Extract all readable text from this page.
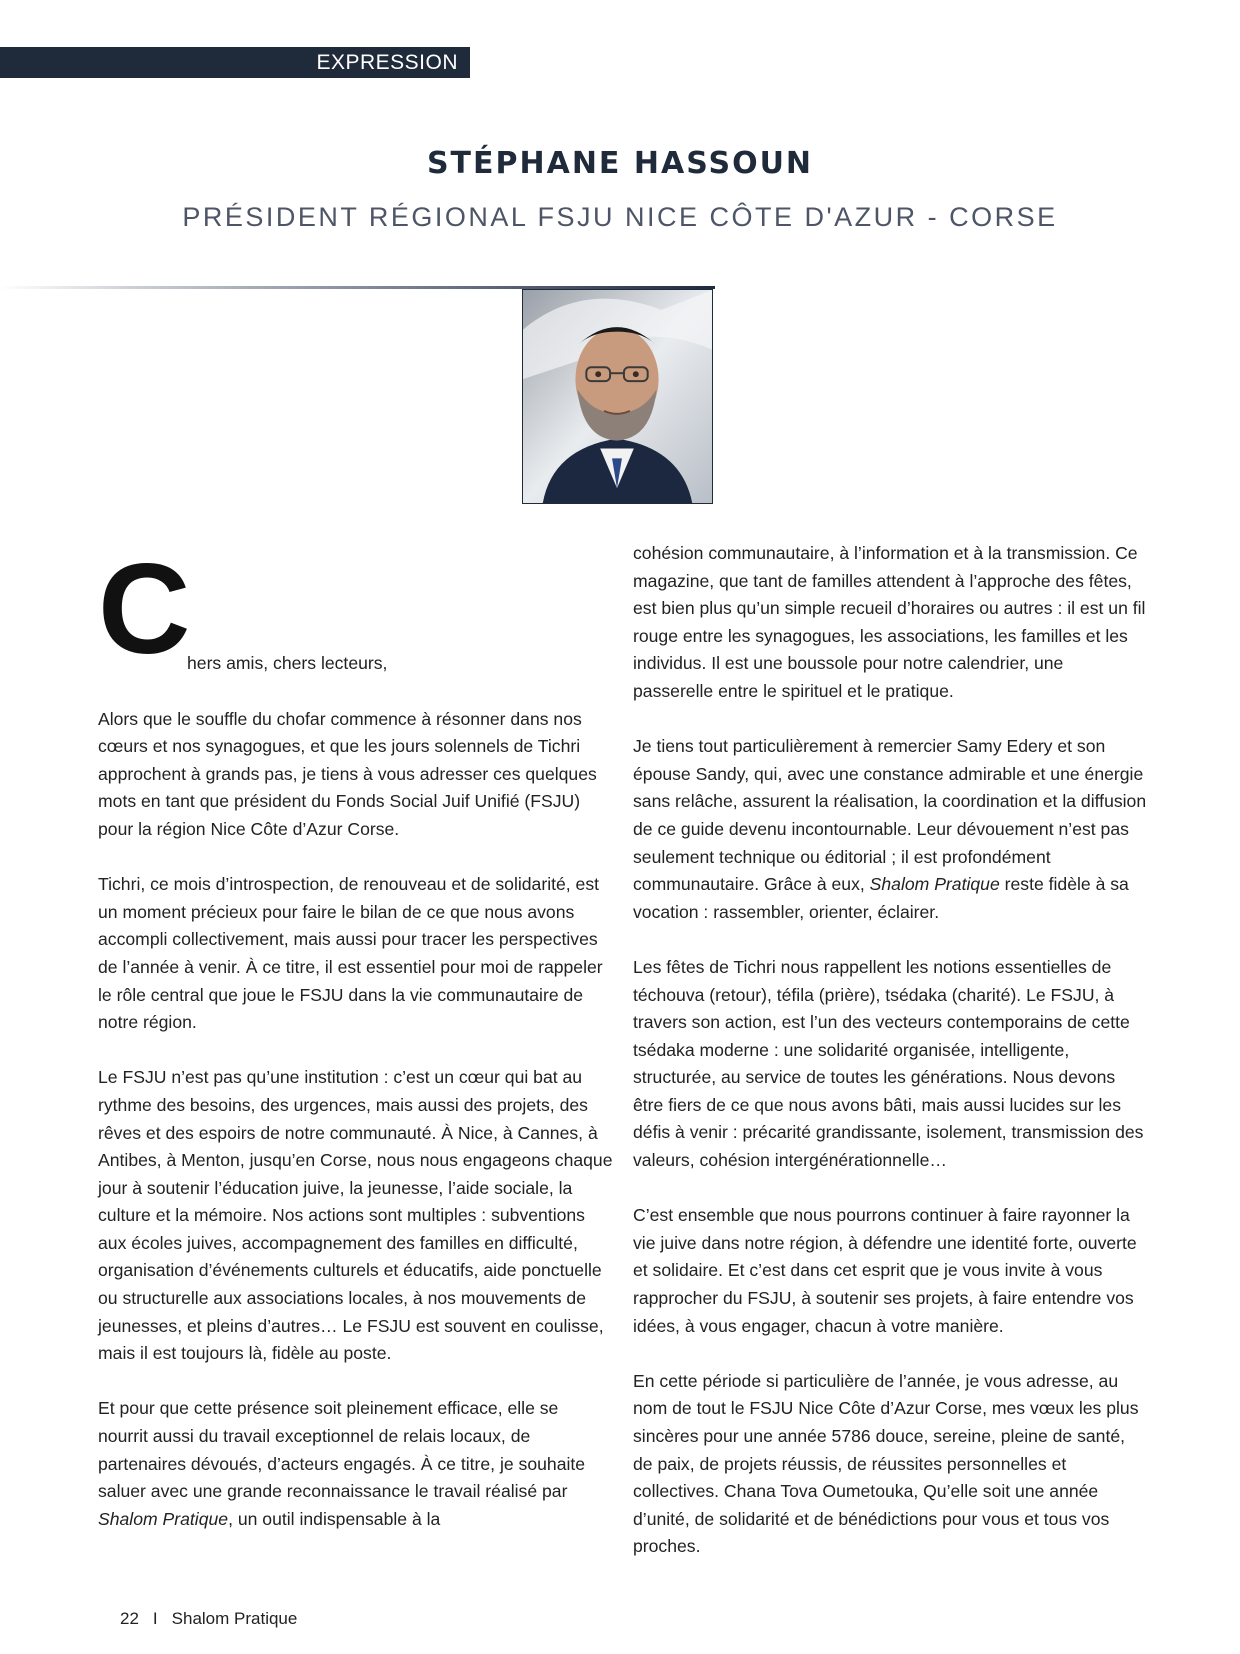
EXPRESSION
STÉPHANE HASSOUN
PRÉSIDENT RÉGIONAL FSJU NICE CÔTE D'AZUR - CORSE
C
hers amis, chers lecteurs,

Alors que le souffle du chofar commence à résonner dans nos cœurs et nos synagogues, et que les jours solennels de Tichri approchent à grands pas, je tiens à vous adresser ces quelques mots en tant que président du Fonds Social Juif Unifié (FSJU) pour la région Nice Côte d’Azur Corse.

Tichri, ce mois d’introspection, de renouveau et de solidarité, est un moment précieux pour faire le bilan de ce que nous avons accompli collectivement, mais aussi pour tracer les perspectives de l’année à venir. À ce titre, il est essentiel pour moi de rappeler le rôle central que joue le FSJU dans la vie communautaire de notre région.

Le FSJU n’est pas qu’une institution : c’est un cœur qui bat au rythme des besoins, des urgences, mais aussi des projets, des rêves et des espoirs de notre communauté. À Nice, à Cannes, à Antibes, à Menton, jusqu’en Corse, nous nous engageons chaque jour à soutenir l’éducation juive, la jeunesse, l’aide sociale, la culture et la mémoire. Nos actions sont multiples : subventions aux écoles juives, accompagnement des familles en difficulté, organisation d’événements culturels et éducatifs, aide ponctuelle ou structurelle aux associations locales, à nos mouvements de jeunesses, et pleins d’autres… Le FSJU est souvent en coulisse, mais il est toujours là, fidèle au poste.

Et pour que cette présence soit pleinement efficace, elle se nourrit aussi du travail exceptionnel de relais locaux, de partenaires dévoués, d’acteurs engagés. À ce titre, je souhaite saluer avec une grande reconnaissance le travail réalisé par Shalom Pratique, un outil indispensable à la

cohésion communautaire, à l’information et à la transmission. Ce magazine, que tant de familles attendent à l’approche des fêtes, est bien plus qu’un simple recueil d’horaires ou autres : il est un fil rouge entre les synagogues, les associations, les familles et les individus. Il est une boussole pour notre calendrier, une passerelle entre le spirituel et le pratique.

Je tiens tout particulièrement à remercier Samy Edery et son épouse Sandy, qui, avec une constance admirable et une énergie sans relâche, assurent la réalisation, la coordination et la diffusion de ce guide devenu incontournable. Leur dévouement n’est pas seulement technique ou éditorial ; il est profondément communautaire. Grâce à eux, Shalom Pratique reste fidèle à sa vocation : rassembler, orienter, éclairer.

Les fêtes de Tichri nous rappellent les notions essentielles de téchouva (retour), téfila (prière), tsédaka (charité). Le FSJU, à travers son action, est l’un des vecteurs contemporains de cette tsédaka moderne : une solidarité organisée, intelligente, structurée, au service de toutes les générations. Nous devons être fiers de ce que nous avons bâti, mais aussi lucides sur les défis à venir : précarité grandissante, isolement, transmission des valeurs, cohésion intergénérationnelle…

C’est ensemble que nous pourrons continuer à faire rayonner la vie juive dans notre région, à défendre une identité forte, ouverte et solidaire. Et c’est dans cet esprit que je vous invite à vous rapprocher du FSJU, à soutenir ses projets, à faire entendre vos idées, à vous engager, chacun à votre manière.

En cette période si particulière de l’année, je vous adresse, au nom de tout le FSJU Nice Côte d’Azur Corse, mes vœux les plus sincères pour une année 5786 douce, sereine, pleine de santé, de paix, de projets réussis, de réussites personnelles et collectives. Chana Tova Oumetouka, Qu’elle soit une année d’unité, de solidarité et de bénédictions pour vous et tous vos proches.

22 I Shalom Pratique
